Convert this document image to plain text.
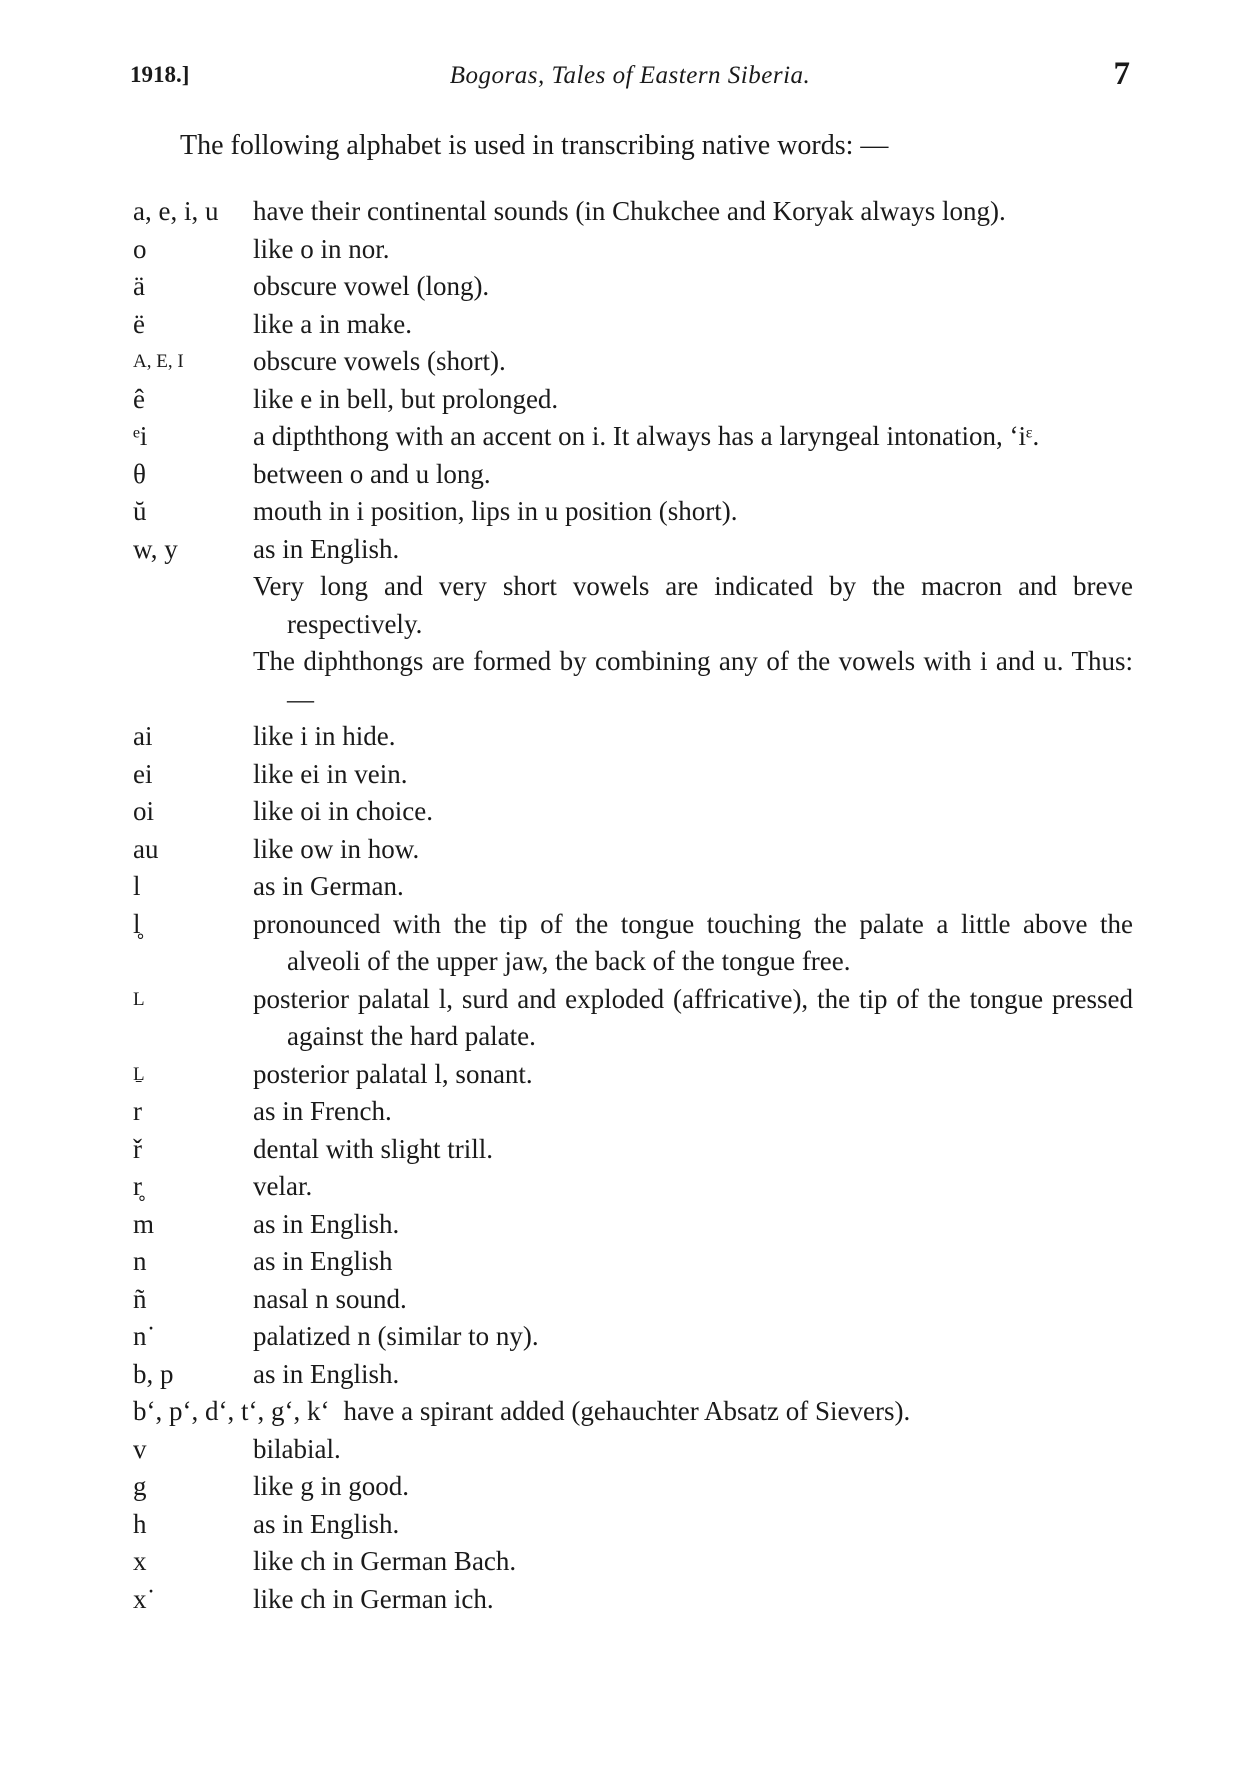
1918.]	Bogoras, Tales of Eastern Siberia.	7
The following alphabet is used in transcribing native words: —
a, e, i, u	have their continental sounds (in Chukchee and Koryak always long).
o	like o in nor.
ä	obscure vowel (long).
ë	like a in make.
A, E, I	obscure vowels (short).
ê	like e in bell, but prolonged.
ᵉi	a dipththong with an accent on i. It always has a laryngeal intonation, ‘iᵋ.
θ	between o and u long.
ŭ	mouth in i position, lips in u position (short).
w, y	as in English.
Very long and very short vowels are indicated by the macron and breve respectively.
The diphthongs are formed by combining any of the vowels with i and u. Thus: —
ai	like i in hide.
ei	like ei in vein.
oi	like oi in choice.
au	like ow in how.
l	as in German.
l̥	pronounced with the tip of the tongue touching the palate a little above the alveoli of the upper jaw, the back of the tongue free.
L	posterior palatal l, surd and exploded (affricative), the tip of the tongue pressed against the hard palate.
Ḻ	posterior palatal l, sonant.
r	as in French.
ř	dental with slight trill.
r̥	velar.
m	as in English.
n	as in English
ñ	nasal n sound.
n˙	palatized n (similar to ny).
b, p	as in English.
b‘, p‘, d‘, t‘, g‘, k‘ have a spirant added (gehauchter Absatz of Sievers).
v	bilabial.
g	like g in good.
h	as in English.
x	like ch in German Bach.
x˙	like ch in German ich.
